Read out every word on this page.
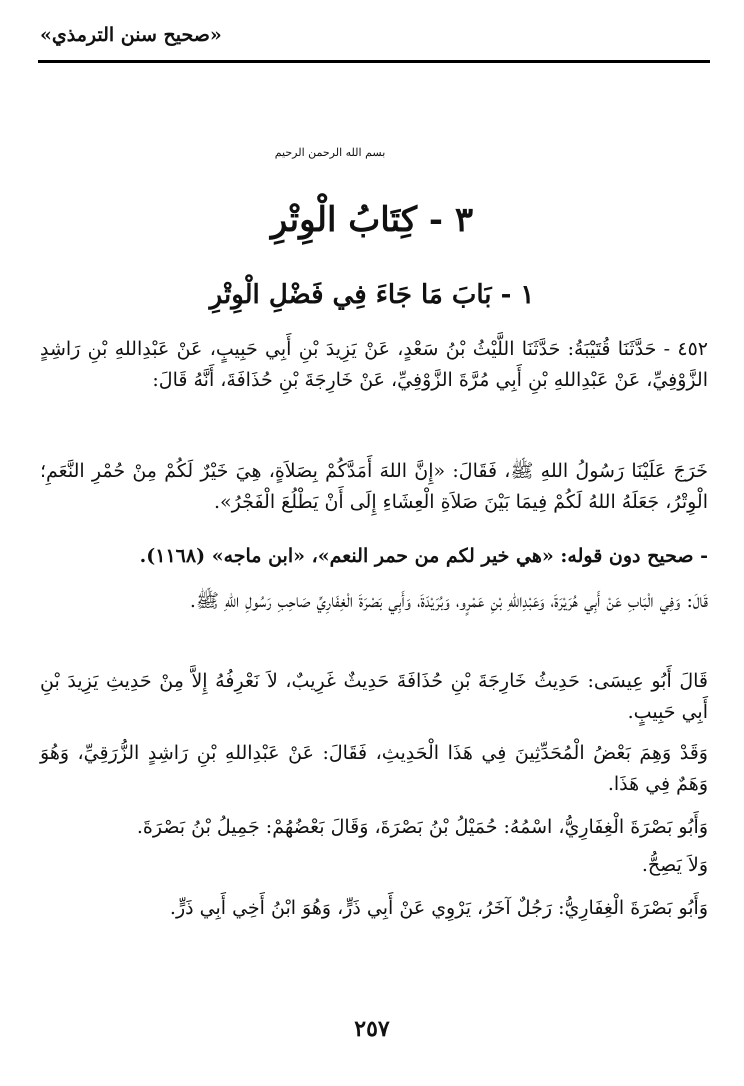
«صحيح سنن الترمذي»
بسم الله الرحمن الرحيم
٣ - كِتَابُ الْوِتْرِ
١ - بَابَ مَا جَاءَ فِي فَضْلِ الْوِتْرِ
٤٥٢ - حَدَّثَنَا قُتَيْبَةُ: حَدَّثَنَا اللَّيْثُ بْنُ سَعْدٍ، عَنْ يَزِيدَ بْنِ أَبِي حَبِيبٍ، عَنْ عَبْدِاللهِ بْنِ رَاشِدٍ الزَّوْفِيِّ، عَنْ عَبْدِاللهِ بْنِ أَبِي مُرَّةَ الزَّوْفِيِّ، عَنْ خَارِجَةَ بْنِ حُذَافَةَ، أَنَّهُ قَالَ:
خَرَجَ عَلَيْنَا رَسُولُ اللهِ ﷺ، فَقَالَ: «إِنَّ اللهَ أَمَدَّكُمْ بِصَلاَةٍ، هِيَ خَيْرٌ لَكُمْ مِنْ حُمْرِ النَّعَمِ؛ الْوِتْرُ، جَعَلَهُ اللهُ لَكُمْ فِيمَا بَيْنَ صَلاَةِ الْعِشَاءِ إِلَى أَنْ يَطْلُعَ الْفَجْرُ».
- صحيح دون قوله: «هي خير لكم من حمر النعم»، «ابن ماجه» (١١٦٨).
قَالَ: وَفِي الْبَابِ عَنْ أَبِي هُرَيْرَةَ، وَعَبْدِاللهِ بْنِ عَمْرٍو، وَبُرَيْدَةَ، وَأَبِي بَصْرَةَ الْغِفَارِيِّ صَاحِبِ رَسُولِ اللهِ ﷺ.
قَالَ أَبُو عِيسَى: حَدِيثُ خَارِجَةَ بْنِ حُذَافَةَ حَدِيثٌ غَرِيبٌ، لاَ نَعْرِفُهُ إِلاَّ مِنْ حَدِيثِ يَزِيدَ بْنِ أَبِي حَبِيبٍ.
وَقَدْ وَهِمَ بَعْضُ الْمُحَدِّثِينَ فِي هَذَا الْحَدِيثِ، فَقَالَ: عَنْ عَبْدِاللهِ بْنِ رَاشِدٍ الزُّرَقِيِّ، وَهُوَ وَهَمٌ فِي هَذَا.
وَأَبُو بَصْرَةَ الْغِفَارِيُّ، اسْمُهُ: حُمَيْلُ بْنُ بَصْرَةَ، وَقَالَ بَعْضُهُمْ: جَمِيلُ بْنُ بَصْرَةَ.
وَلاَ يَصِحُّ.
وَأَبُو بَصْرَةَ الْغِفَارِيُّ: رَجُلٌ آخَرُ، يَرْوِي عَنْ أَبِي ذَرٍّ، وَهُوَ ابْنُ أَخِي أَبِي ذَرٍّ.
٢٥٧
